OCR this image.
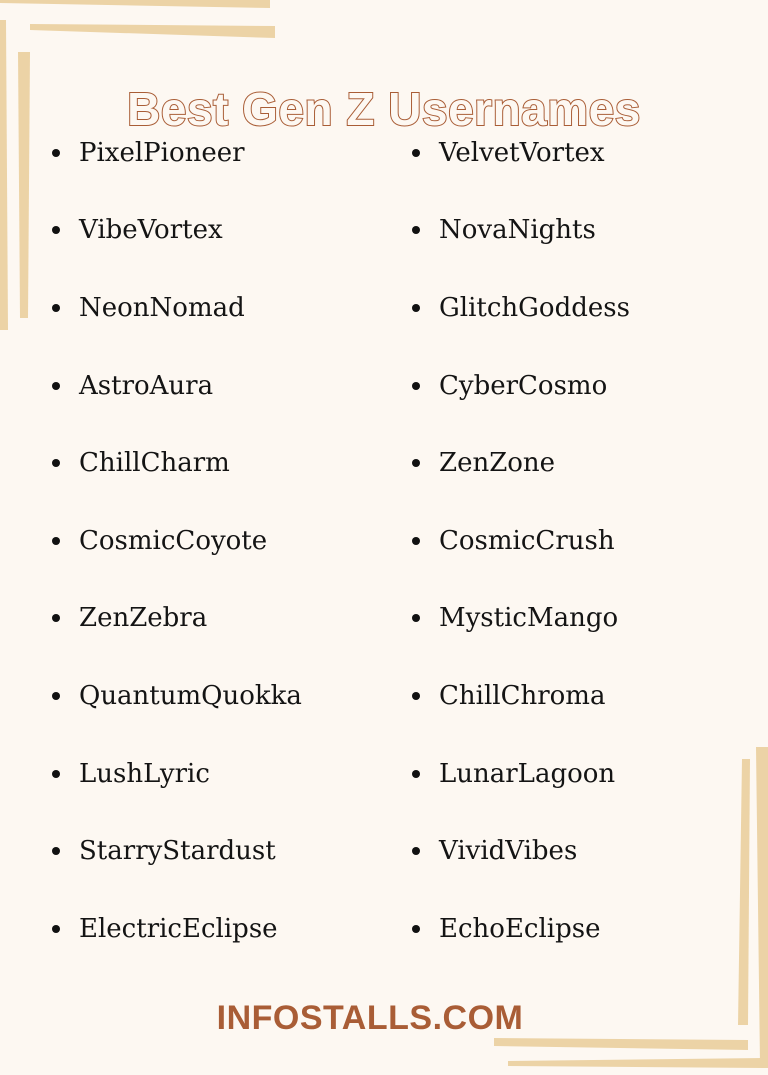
Best Gen Z Usernames
PixelPioneer
VibeVortex
NeonNomad
AstroAura
ChillCharm
CosmicCoyote
ZenZebra
QuantumQuokka
LushLyric
StarryStardust
ElectricEclipse
VelvetVortex
NovaNights
GlitchGoddess
CyberCosmo
ZenZone
CosmicCrush
MysticMango
ChillChroma
LunarLagoon
VividVibes
EchoEclipse
INFOSTALLS.COM
